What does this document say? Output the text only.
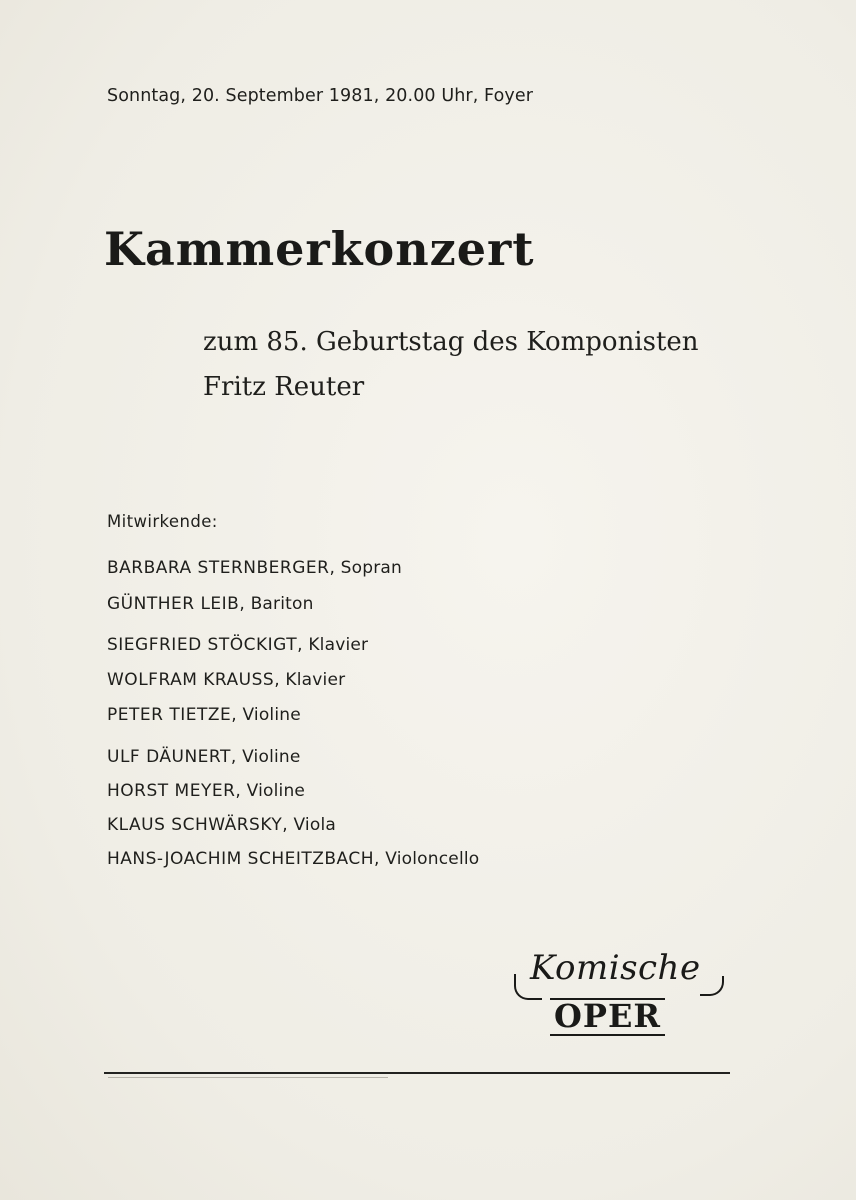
Sonntag, 20. September 1981, 20.00 Uhr, Foyer
Kammerkonzert
zum 85. Geburtstag des Komponisten
Fritz Reuter
Mitwirkende:
BARBARA STERNBERGER, Sopran
GÜNTHER LEIB, Bariton
SIEGFRIED STÖCKIGT, Klavier
WOLFRAM KRAUSS, Klavier
PETER TIETZE, Violine
ULF DÄUNERT, Violine
HORST MEYER, Violine
KLAUS SCHWÄRSKY, Viola
HANS-JOACHIM SCHEITZBACH, Violoncello
Komische
OPER
